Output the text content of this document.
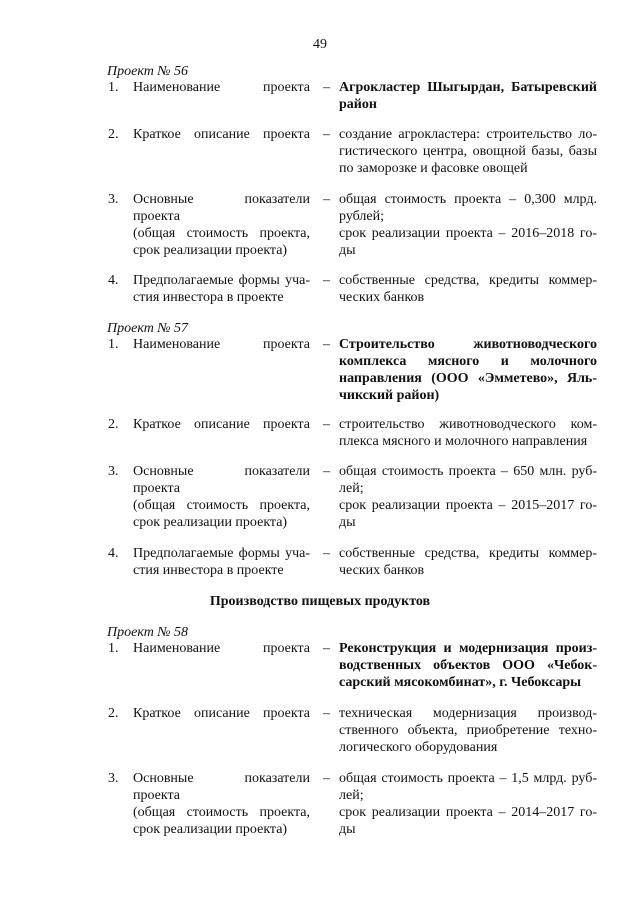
49
Проект № 56
1. Наименование проекта – Агрокластер Шыгырдан, Батыревский
район
2. Краткое описание проекта – создание агрокластера: строительство ло-
гистического центра, овощной базы, базы
по заморозке и фасовке овощей
3. Основные показатели проекта
(общая стоимость проекта,
срок реализации проекта)
– общая стоимость проекта – 0,300 млрд.
рублей;
срок реализации проекта – 2016–2018 го-
ды
4. Предполагаемые формы уча-
стия инвестора в проекте
– собственные средства, кредиты коммер-
ческих банков
Проект № 57
1. Наименование проекта – Строительство животноводческого
комплекса мясного и молочного
направления (ООО «Эмметево», Яль-
чикский район)
2. Краткое описание проекта – строительство животноводческого ком-
плекса мясного и молочного направления
3. Основные показатели проекта
(общая стоимость проекта,
срок реализации проекта)
– общая стоимость проекта – 650 млн. руб-
лей;
срок реализации проекта – 2015–2017 го-
ды
4. Предполагаемые формы уча-
стия инвестора в проекте
– собственные средства, кредиты коммер-
ческих банков
Производство пищевых продуктов
Проект № 58
1. Наименование проекта – Реконструкция и модернизация произ-
водственных объектов ООО «Чебок-
сарский мясокомбинат», г. Чебоксары
2. Краткое описание проекта – техническая модернизация производ-
ственного объекта, приобретение техно-
логического оборудования
3. Основные показатели проекта
(общая стоимость проекта,
срок реализации проекта)
– общая стоимость проекта – 1,5 млрд. руб-
лей;
срок реализации проекта – 2014–2017 го-
ды
